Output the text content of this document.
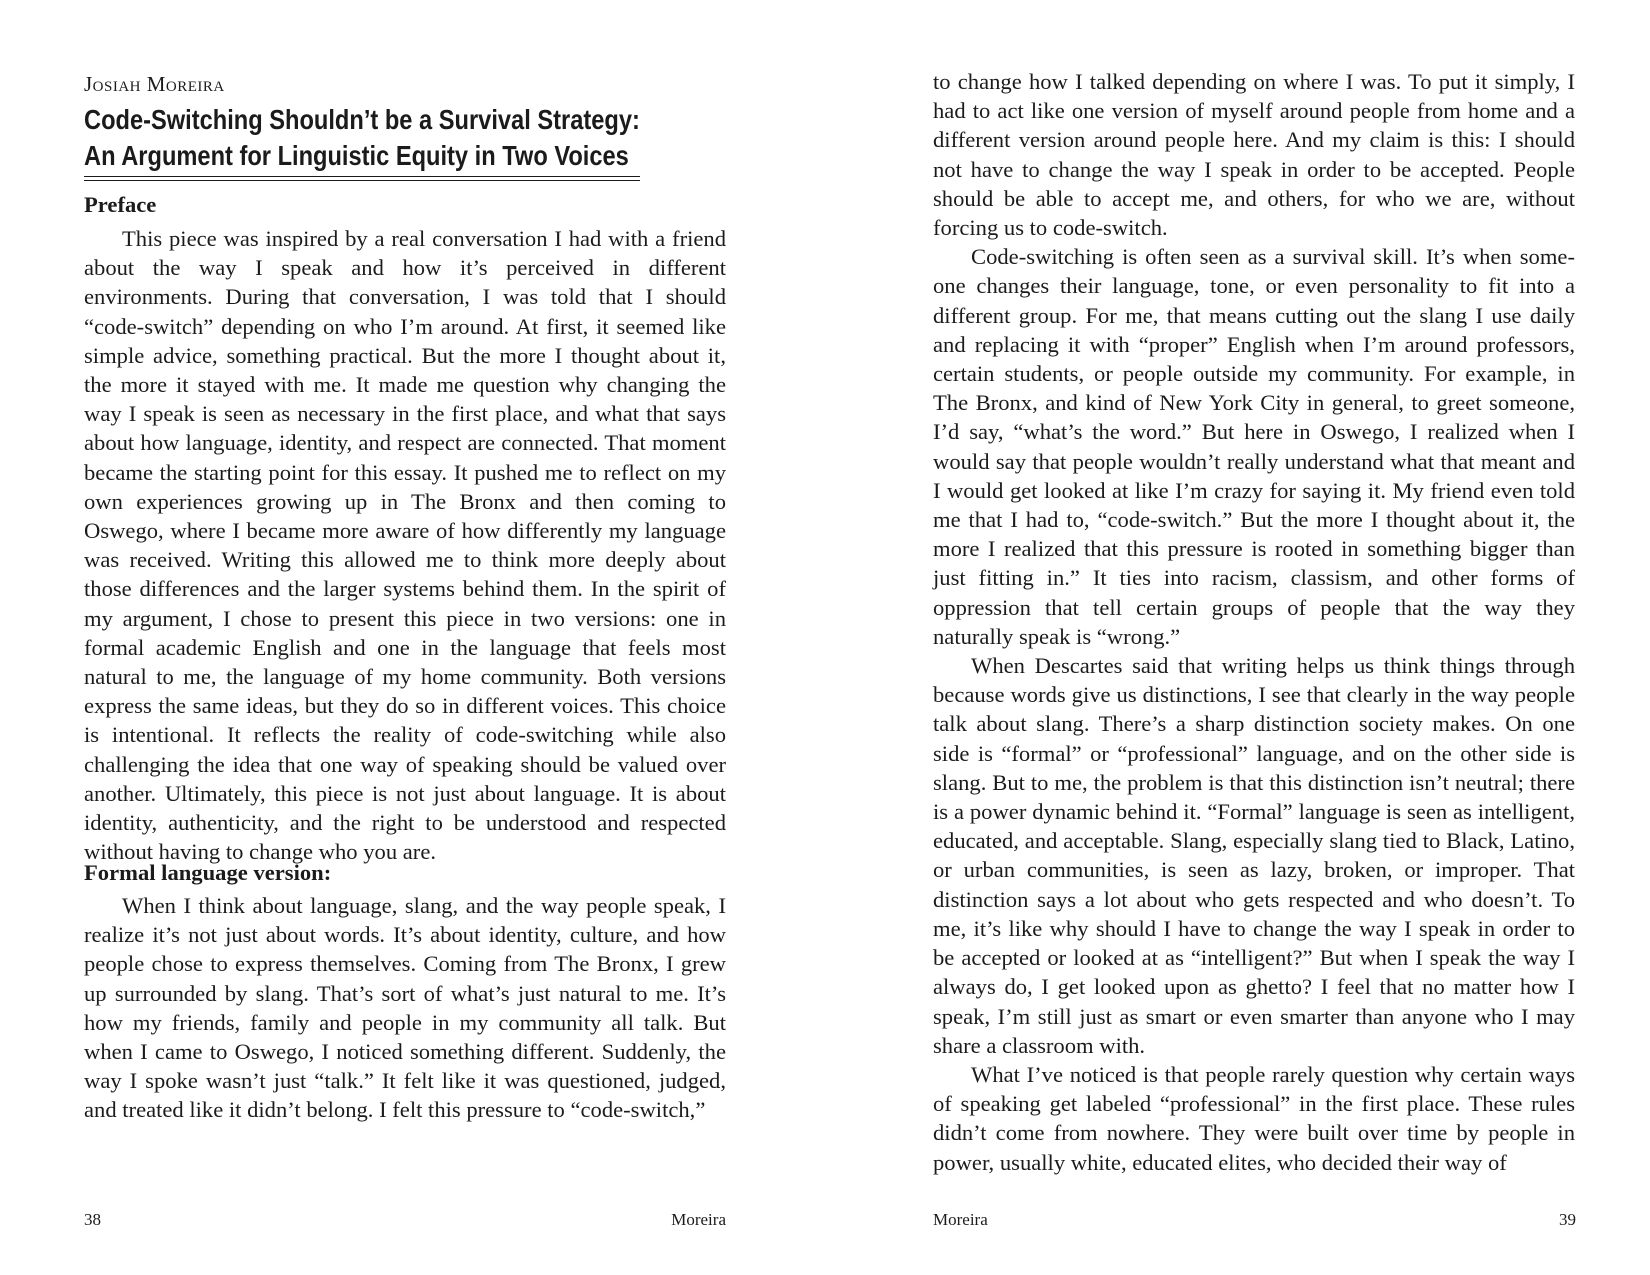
Josiah Moreira

Code-Switching Shouldn’t be a Survival Strategy:
An Argument for Linguistic Equity in Two Voices
Preface

This piece was inspired by a real conversation I had with a friend about the way I speak and how it’s perceived in different environments. During that conversation, I was told that I should “code-switch” depending on who I’m around. At first, it seemed like simple advice, something practical. But the more I thought about it, the more it stayed with me. It made me question why changing the way I speak is seen as necessary in the first place, and what that says about how language, identity, and respect are connected. That moment became the starting point for this essay. It pushed me to reflect on my own experiences growing up in The Bronx and then coming to Oswego, where I became more aware of how differently my language was received. Writing this allowed me to think more deeply about those differences and the larger systems behind them. In the spirit of my argument, I chose to present this piece in two versions: one in formal academic English and one in the language that feels most natural to me, the language of my home community. Both versions express the same ideas, but they do so in different voices. This choice is intentional. It reflects the reality of code-switching while also challenging the idea that one way of speaking should be valued over another. Ultimately, this piece is not just about language. It is about identity, authenticity, and the right to be understood and respected without having to change who you are.

Formal language version:

When I think about language, slang, and the way people speak, I realize it’s not just about words. It’s about identity, culture, and how people chose to express themselves. Coming from The Bronx, I grew up surrounded by slang. That’s sort of what’s just natural to me. It’s how my friends, family and people in my community all talk. But when I came to Oswego, I noticed something different. Suddenly, the way I spoke wasn’t just “talk.” It felt like it was questioned, judged, and treated like it didn’t belong. I felt this pressure to “code-switch,”

38	Moreira

to change how I talked depending on where I was. To put it simply, I had to act like one version of myself around people from home and a different version around people here. And my claim is this: I should not have to change the way I speak in order to be accepted. People should be able to accept me, and others, for who we are, without forcing us to code-switch.

Code-switching is often seen as a survival skill. It’s when someone changes their language, tone, or even personality to fit into a different group. For me, that means cutting out the slang I use daily and replacing it with “proper” English when I’m around professors, certain students, or people outside my community. For example, in The Bronx, and kind of New York City in general, to greet someone, I’d say, “what’s the word.” But here in Oswego, I realized when I would say that people wouldn’t really understand what that meant and I would get looked at like I’m crazy for saying it. My friend even told me that I had to, “code-switch.” But the more I thought about it, the more I realized that this pressure is rooted in something bigger than just fitting in.” It ties into racism, classism, and other forms of oppression that tell certain groups of people that the way they naturally speak is “wrong.”

When Descartes said that writing helps us think things through because words give us distinctions, I see that clearly in the way people talk about slang. There’s a sharp distinction society makes. On one side is “formal” or “professional” language, and on the other side is slang. But to me, the problem is that this distinction isn’t neutral; there is a power dynamic behind it. “Formal” language is seen as intelligent, educated, and acceptable. Slang, especially slang tied to Black, Latino, or urban communities, is seen as lazy, broken, or improper. That distinction says a lot about who gets respected and who doesn’t. To me, it’s like why should I have to change the way I speak in order to be accepted or looked at as “intelligent?” But when I speak the way I always do, I get looked upon as ghetto? I feel that no matter how I speak, I’m still just as smart or even smarter than anyone who I may share a classroom with.

What I’ve noticed is that people rarely question why certain ways of speaking get labeled “professional” in the first place. These rules didn’t come from nowhere. They were built over time by people in power, usually white, educated elites, who decided their way of

Moreira	39
